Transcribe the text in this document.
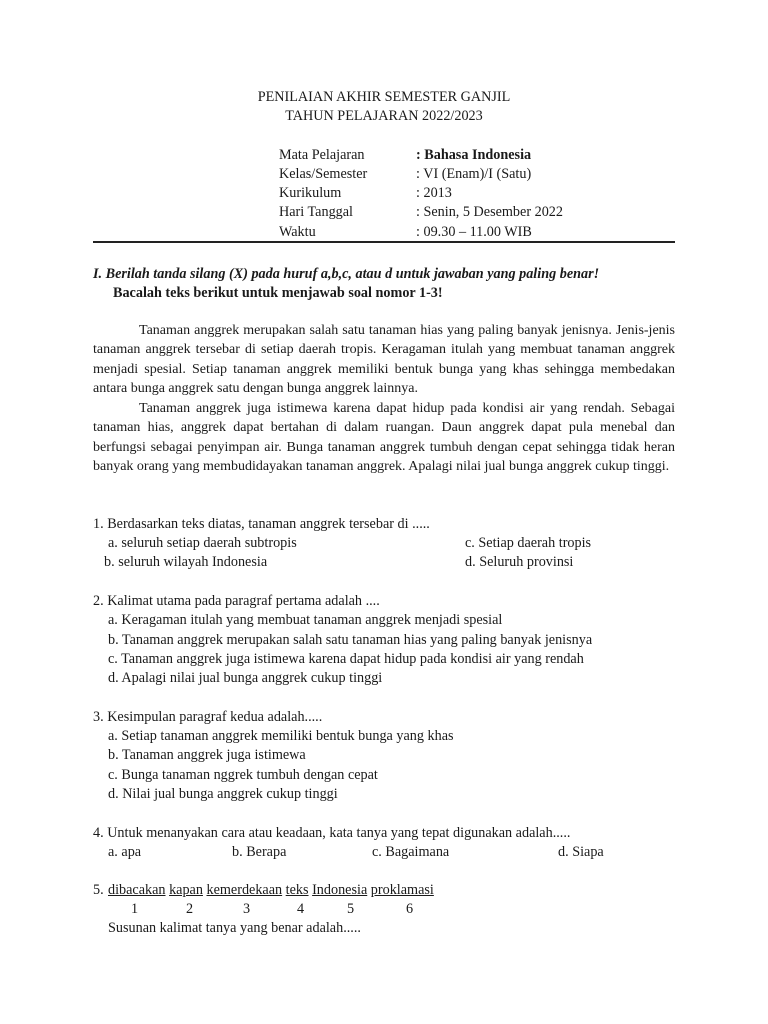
PENILAIAN AKHIR SEMESTER GANJIL
TAHUN PELAJARAN 2022/2023
Mata Pelajaran	: Bahasa Indonesia
Kelas/Semester	: VI (Enam)/I (Satu)
Kurikulum	: 2013
Hari Tanggal	: Senin, 5 Desember 2022
Waktu	: 09.30 – 11.00 WIB
I. Berilah tanda silang (X) pada huruf a,b,c, atau d untuk jawaban yang paling benar!
Bacalah teks berikut untuk menjawab soal nomor 1-3!
Tanaman anggrek merupakan salah satu tanaman hias yang paling banyak jenisnya. Jenis-jenis tanaman anggrek tersebar di setiap daerah tropis. Keragaman itulah yang membuat tanaman anggrek menjadi spesial. Setiap tanaman anggrek memiliki bentuk bunga yang khas sehingga membedakan antara bunga anggrek satu dengan bunga anggrek lainnya.
Tanaman anggrek juga istimewa karena dapat hidup pada kondisi air yang rendah. Sebagai tanaman hias, anggrek dapat bertahan di dalam ruangan. Daun anggrek dapat pula menebal dan berfungsi sebagai penyimpan air. Bunga tanaman anggrek tumbuh dengan cepat sehingga tidak heran banyak orang yang membudidayakan tanaman anggrek. Apalagi nilai jual bunga anggrek cukup tinggi.
1. Berdasarkan teks diatas, tanaman anggrek tersebar di .....
a. seluruh setiap daerah subtropis	c. Setiap daerah tropis
b. seluruh wilayah Indonesia	d. Seluruh provinsi
2. Kalimat utama pada paragraf pertama adalah ....
a. Keragaman itulah yang membuat tanaman anggrek menjadi spesial
b. Tanaman anggrek merupakan salah satu tanaman hias yang paling banyak jenisnya
c. Tanaman anggrek juga istimewa karena dapat hidup pada kondisi air yang rendah
d. Apalagi nilai jual bunga anggrek cukup tinggi
3. Kesimpulan paragraf kedua adalah.....
a. Setiap tanaman anggrek memiliki bentuk bunga yang khas
b. Tanaman anggrek juga istimewa
c. Bunga tanaman nggrek tumbuh dengan cepat
d. Nilai jual bunga anggrek cukup tinggi
4. Untuk menanyakan cara atau keadaan, kata tanya yang tepat digunakan adalah.....
a. apa	b. Berapa	c. Bagaimana	d. Siapa
5. dibacakan kapan kemerdekaan teks Indonesia proklamasi
1	2	3	4	5	6
Susunan kalimat tanya yang benar adalah.....
